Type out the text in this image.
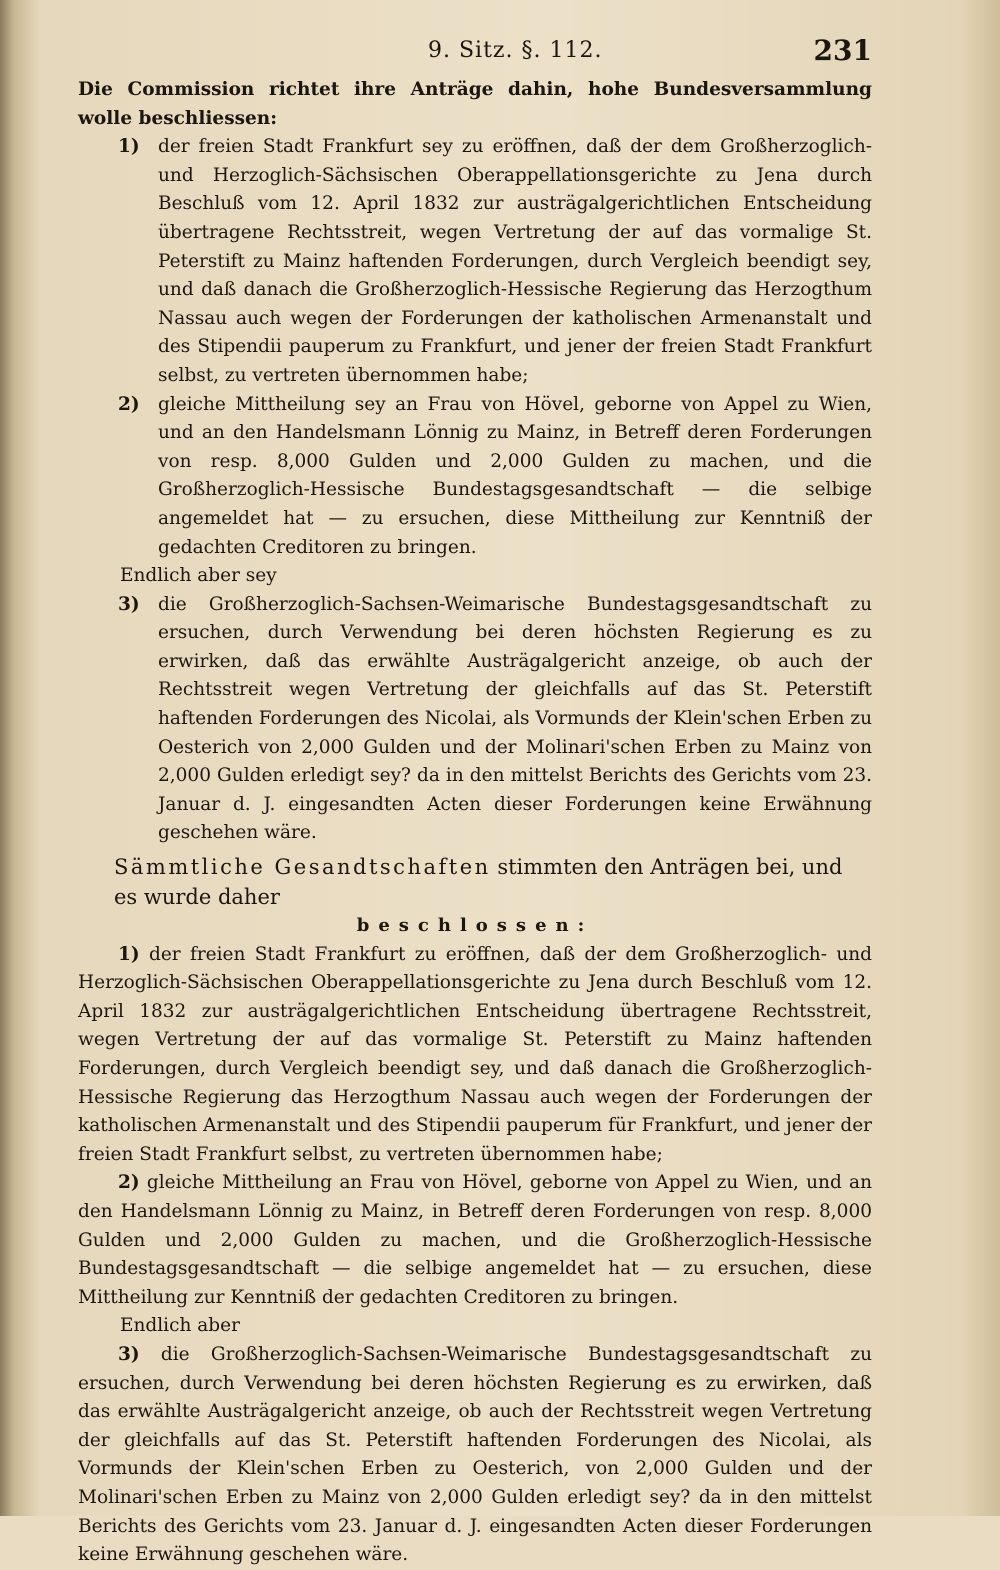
9. Sitz. §. 112.	231

Die Commission richtet ihre Anträge dahin, hohe Bundesversammlung wolle beschliessen:

1) der freien Stadt Frankfurt sey zu eröffnen, daß der dem Großherzoglich- und Herzoglich-Sächsischen Oberappellationsgerichte zu Jena durch Beschluß vom 12. April 1832 zur austrägalgerichtlichen Entscheidung übertragene Rechtsstreit, wegen Vertretung der auf das vormalige St. Peterstift zu Mainz haftenden Forderungen, durch Vergleich beendigt sey, und daß danach die Großherzoglich-Hessische Regierung das Herzogthum Nassau auch wegen der Forderungen der katholischen Armenanstalt und des Stipendii pauperum zu Frankfurt, und jener der freien Stadt Frankfurt selbst, zu vertreten übernommen habe;
2) gleiche Mittheilung sey an Frau von Hövel, geborne von Appel zu Wien, und an den Handelsmann Lönnig zu Mainz, in Betreff deren Forderungen von resp. 8,000 Gulden und 2,000 Gulden zu machen, und die Großherzoglich-Hessische Bundestagsgesandtschaft — die selbige angemeldet hat — zu ersuchen, diese Mittheilung zur Kenntniß der gedachten Creditoren zu bringen.

Endlich aber sey

3) die Großherzoglich-Sachsen-Weimarische Bundestagsgesandtschaft zu ersuchen, durch Verwendung bei deren höchsten Regierung es zu erwirken, daß das erwählte Austrägalgericht anzeige, ob auch der Rechtsstreit wegen Vertretung der gleichfalls auf das St. Peterstift haftenden Forderungen des Nicolai, als Vormunds der Klein'schen Erben zu Oesterich von 2,000 Gulden und der Molinari'schen Erben zu Mainz von 2,000 Gulden erledigt sey? da in den mittelst Berichts des Gerichts vom 23. Januar d. J. eingesandten Acten dieser Forderungen keine Erwähnung geschehen wäre.

Sämmtliche Gesandtschaften stimmten den Anträgen bei, und es wurde daher

beschlossen:

1) der freien Stadt Frankfurt zu eröffnen, daß der dem Großherzoglich- und Herzoglich-Sächsischen Oberappellationsgerichte zu Jena durch Beschluß vom 12. April 1832 zur austrägalgerichtlichen Entscheidung übertragene Rechtsstreit, wegen Vertretung der auf das vormalige St. Peterstift zu Mainz haftenden Forderungen, durch Vergleich beendigt sey, und daß danach die Großherzoglich-Hessische Regierung das Herzogthum Nassau auch wegen der Forderungen der katholischen Armenanstalt und des Stipendii pauperum für Frankfurt, und jener der freien Stadt Frankfurt selbst, zu vertreten übernommen habe;

2) gleiche Mittheilung an Frau von Hövel, geborne von Appel zu Wien, und an den Handelsmann Lönnig zu Mainz, in Betreff deren Forderungen von resp. 8,000 Gulden und 2,000 Gulden zu machen, und die Großherzoglich-Hessische Bundestagsgesandtschaft — die selbige angemeldet hat — zu ersuchen, diese Mittheilung zur Kenntniß der gedachten Creditoren zu bringen.

Endlich aber

3) die Großherzoglich-Sachsen-Weimarische Bundestagsgesandtschaft zu ersuchen, durch Verwendung bei deren höchsten Regierung es zu erwirken, daß das erwählte Austrägalgericht anzeige, ob auch der Rechtsstreit wegen Vertretung der gleichfalls auf das St. Peterstift haftenden Forderungen des Nicolai, als Vormunds der Klein'schen Erben zu Oesterich, von 2,000 Gulden und der Molinari'schen Erben zu Mainz von 2,000 Gulden erledigt sey? da in den mittelst Berichts des Gerichts vom 23. Januar d. J. eingesandten Acten dieser Forderungen keine Erwähnung geschehen wäre.
